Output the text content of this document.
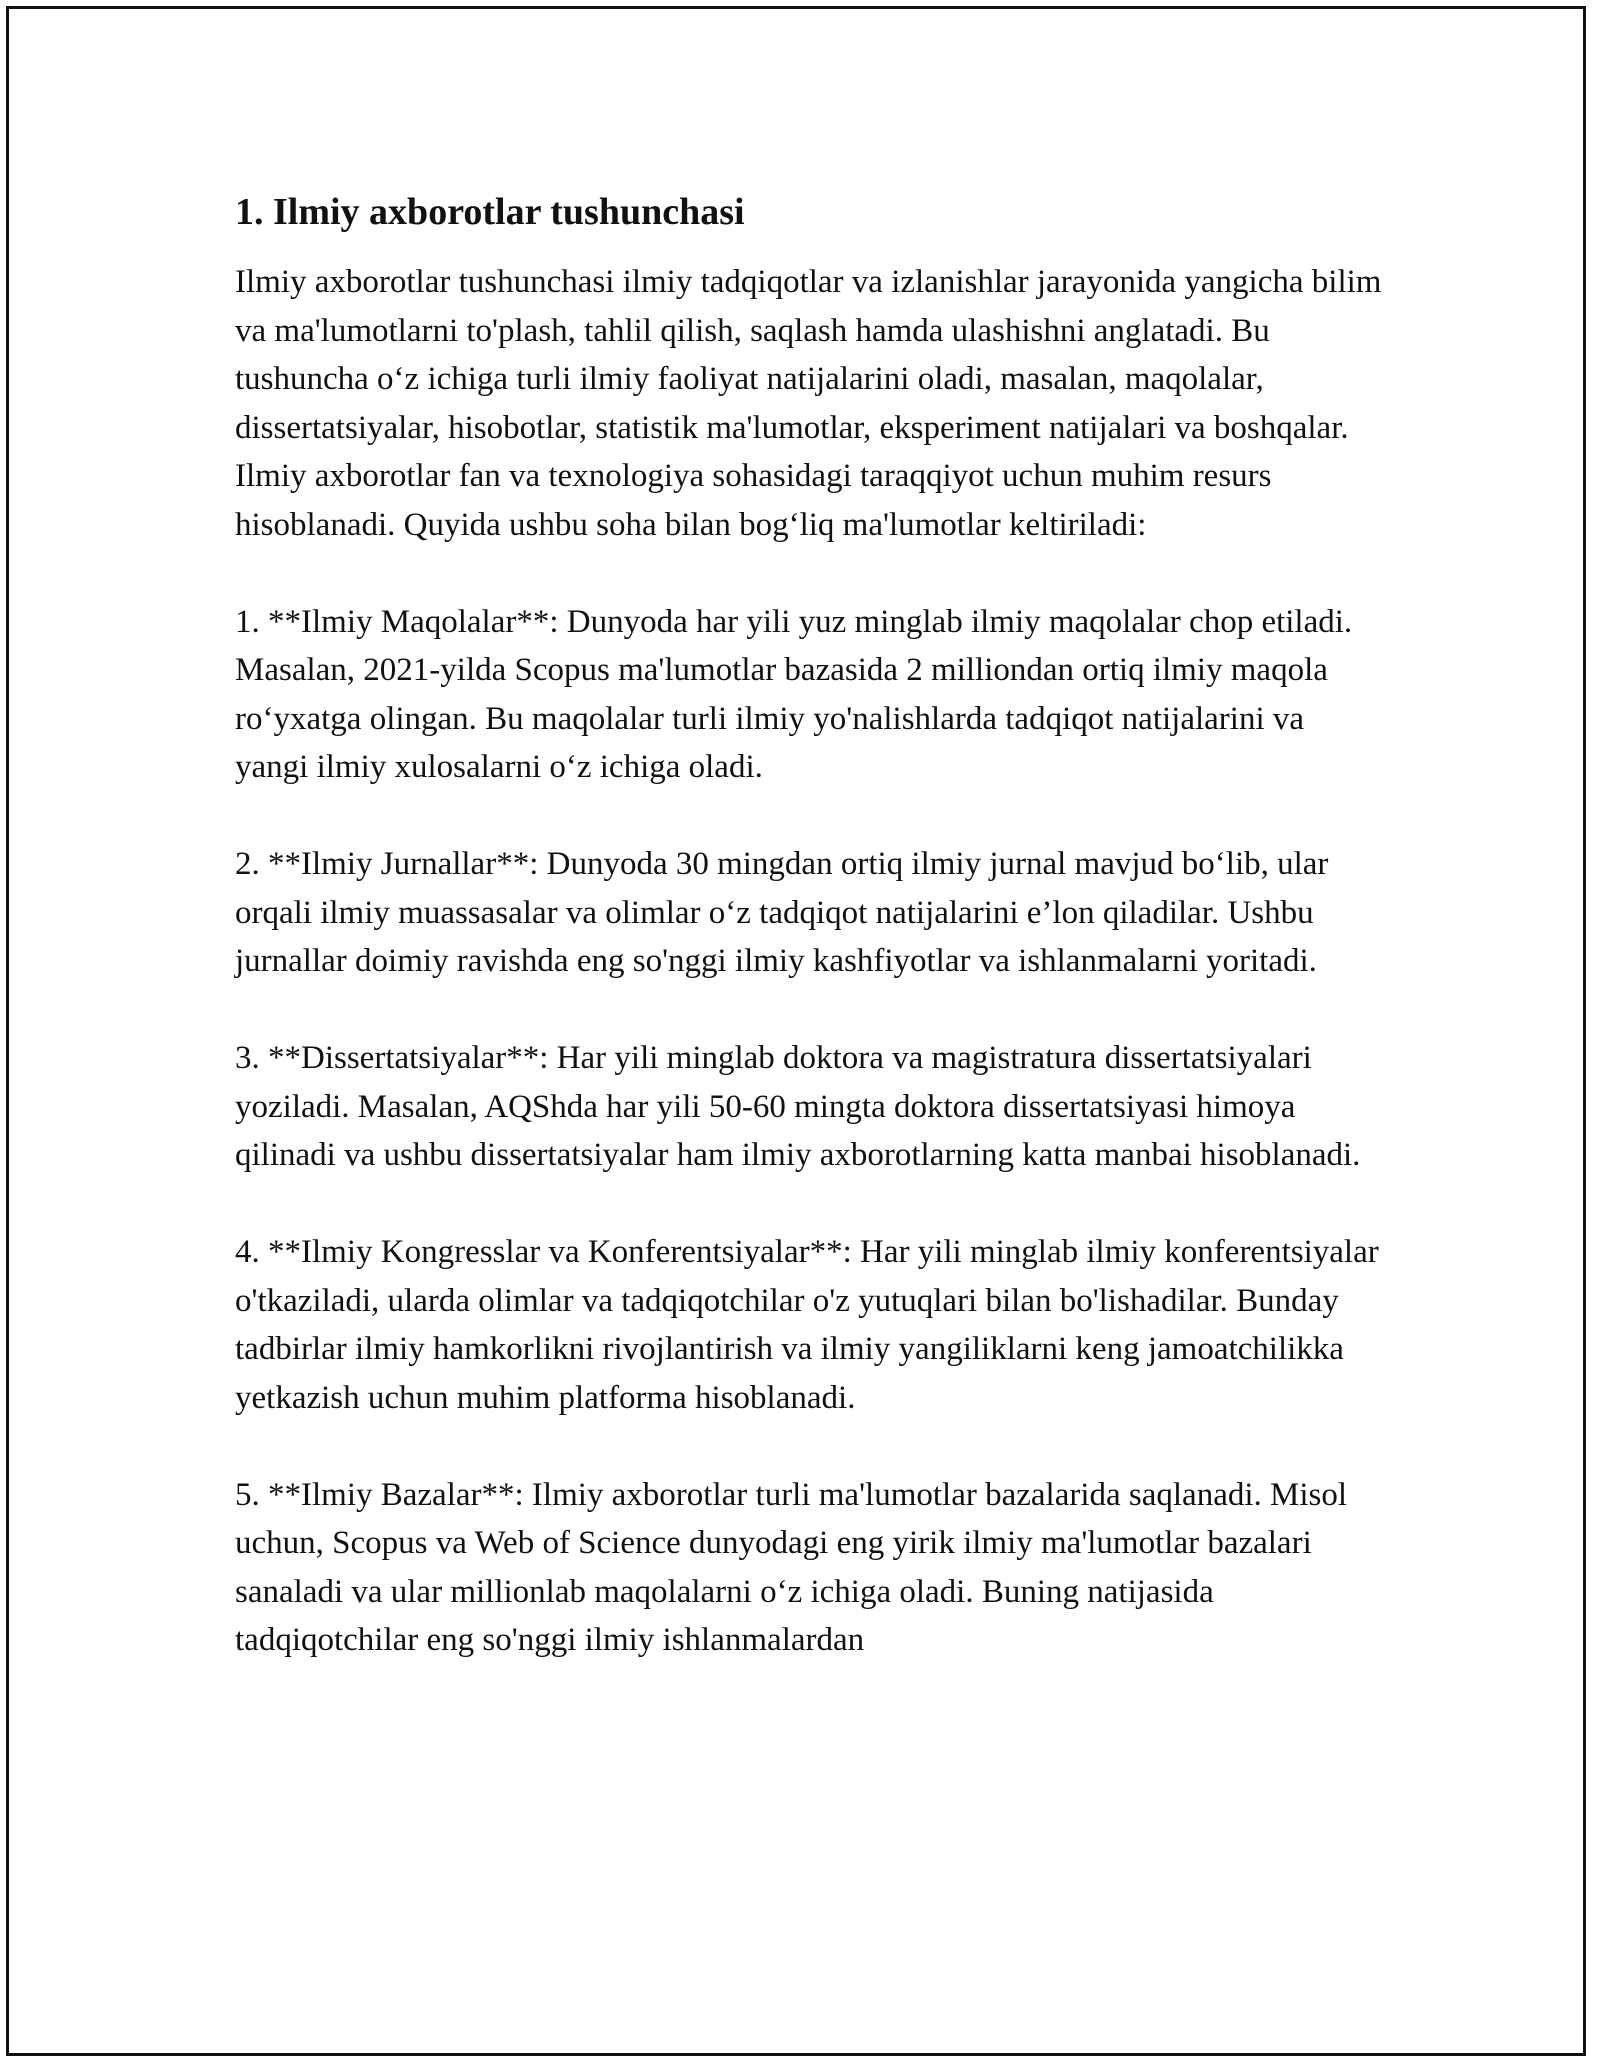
1. Ilmiy axborotlar tushunchasi

Ilmiy axborotlar tushunchasi ilmiy tadqiqotlar va izlanishlar jarayonida yangicha bilim va ma'lumotlarni to'plash, tahlil qilish, saqlash hamda ulashishni anglatadi. Bu tushuncha o‘z ichiga turli ilmiy faoliyat natijalarini oladi, masalan, maqolalar, dissertatsiyalar, hisobotlar, statistik ma'lumotlar, eksperiment natijalari va boshqalar. Ilmiy axborotlar fan va texnologiya sohasidagi taraqqiyot uchun muhim resurs hisoblanadi. Quyida ushbu soha bilan bog‘liq ma'lumotlar keltiriladi:

1. **Ilmiy Maqolalar**: Dunyoda har yili yuz minglab ilmiy maqolalar chop etiladi. Masalan, 2021-yilda Scopus ma'lumotlar bazasida 2 milliondan ortiq ilmiy maqola ro‘yxatga olingan. Bu maqolalar turli ilmiy yo'nalishlarda tadqiqot natijalarini va yangi ilmiy xulosalarni o‘z ichiga oladi.

2. **Ilmiy Jurnallar**: Dunyoda 30 mingdan ortiq ilmiy jurnal mavjud bo‘lib, ular orqali ilmiy muassasalar va olimlar o‘z tadqiqot natijalarini e’lon qiladilar. Ushbu jurnallar doimiy ravishda eng so'nggi ilmiy kashfiyotlar va ishlanmalarni yoritadi.

3. **Dissertatsiyalar**: Har yili minglab doktora va magistratura dissertatsiyalari yoziladi. Masalan, AQShda har yili 50-60 mingta doktora dissertatsiyasi himoya qilinadi va ushbu dissertatsiyalar ham ilmiy axborotlarning katta manbai hisoblanadi.

4. **Ilmiy Kongresslar va Konferentsiyalar**: Har yili minglab ilmiy konferentsiyalar o'tkaziladi, ularda olimlar va tadqiqotchilar o'z yutuqlari bilan bo'lishadilar. Bunday tadbirlar ilmiy hamkorlikni rivojlantirish va ilmiy yangiliklarni keng jamoatchilikka yetkazish uchun muhim platforma hisoblanadi.

5. **Ilmiy Bazalar**: Ilmiy axborotlar turli ma'lumotlar bazalarida saqlanadi. Misol uchun, Scopus va Web of Science dunyodagi eng yirik ilmiy ma'lumotlar bazalari sanaladi va ular millionlab maqolalarni o‘z ichiga oladi. Buning natijasida tadqiqotchilar eng so'nggi ilmiy ishlanmalardan
